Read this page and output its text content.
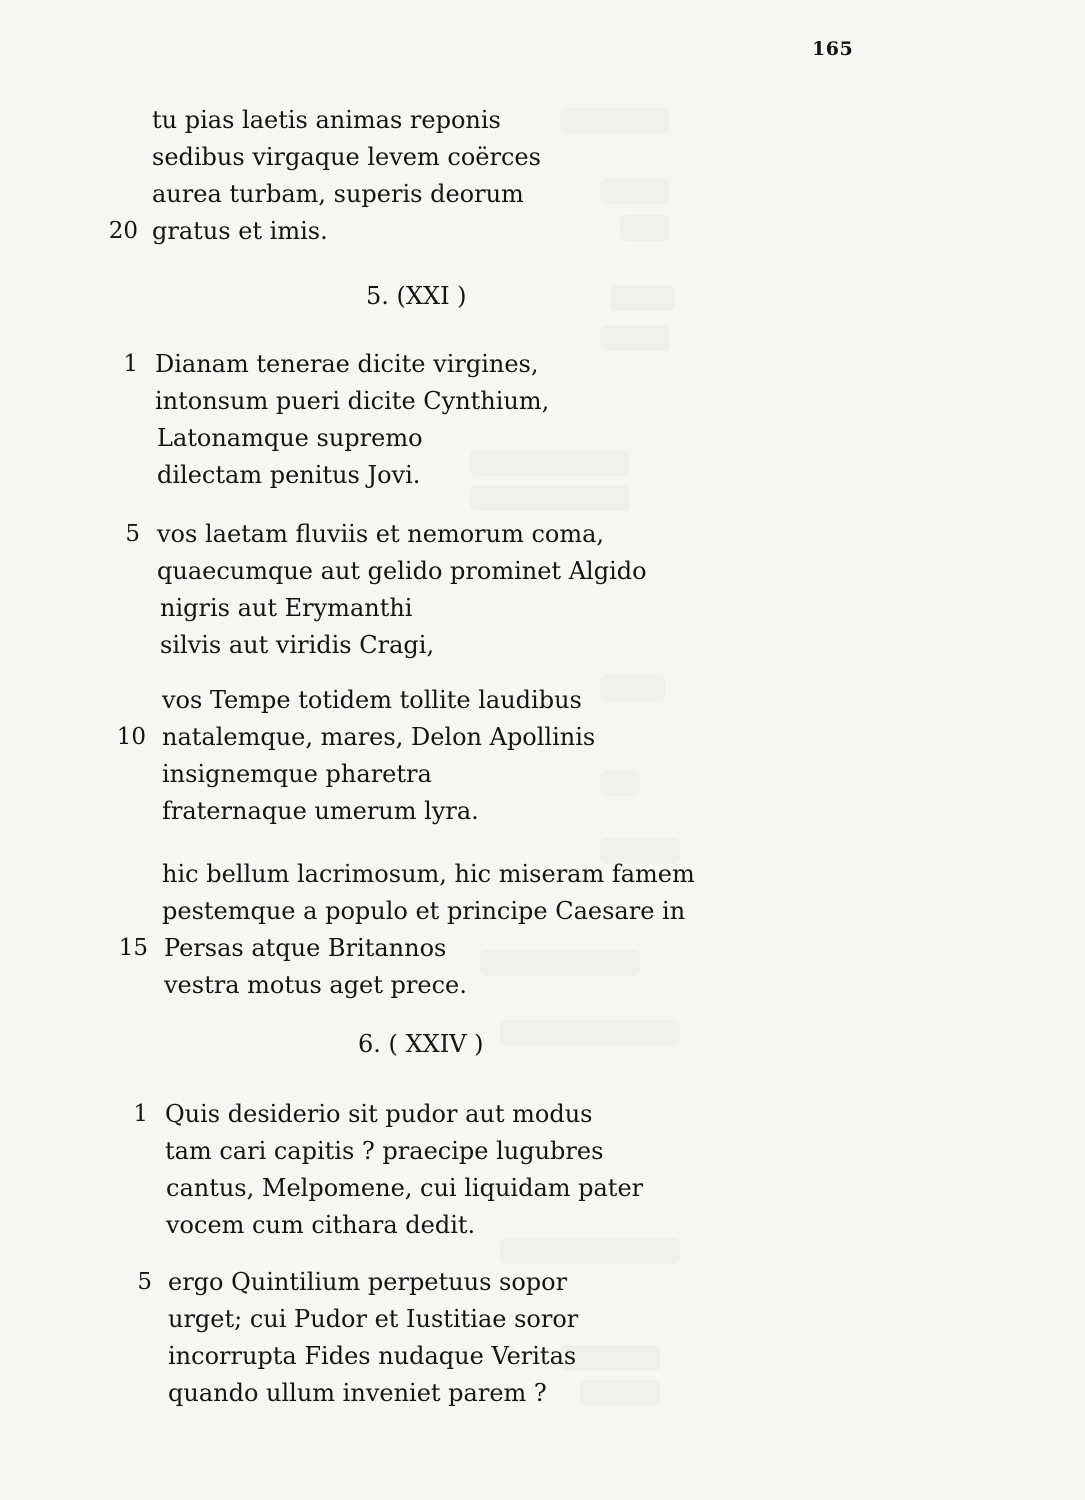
165
tu pias laetis animas reponis
sedibus virgaque levem coërces
aurea turbam, superis deorum
20 gratus et imis.
5. (XXI )
1 Dianam tenerae dicite virgines,
intonsum pueri dicite Cynthium,
Latonamque supremo
dilectam penitus Jovi.
5 vos laetam fluviis et nemorum coma,
quaecumque aut gelido prominet Algido
nigris aut Erymanthi
silvis aut viridis Cragi,
vos Tempe totidem tollite laudibus
10 natalemque, mares, Delon Apollinis
insignemque pharetra
fraternaque umerum lyra.
hic bellum lacrimosum, hic miseram famem
pestemque a populo et principe Caesare in
15 Persas atque Britannos
vestra motus aget prece.
6. ( XXIV )
1 Quis desiderio sit pudor aut modus
tam cari capitis ? praecipe lugubres
cantus, Melpomene, cui liquidam pater
vocem cum cithara dedit.
5 ergo Quintilium perpetuus sopor
urget; cui Pudor et Iustitiae soror
incorrupta Fides nudaque Veritas
quando ullum inveniet parem ?
